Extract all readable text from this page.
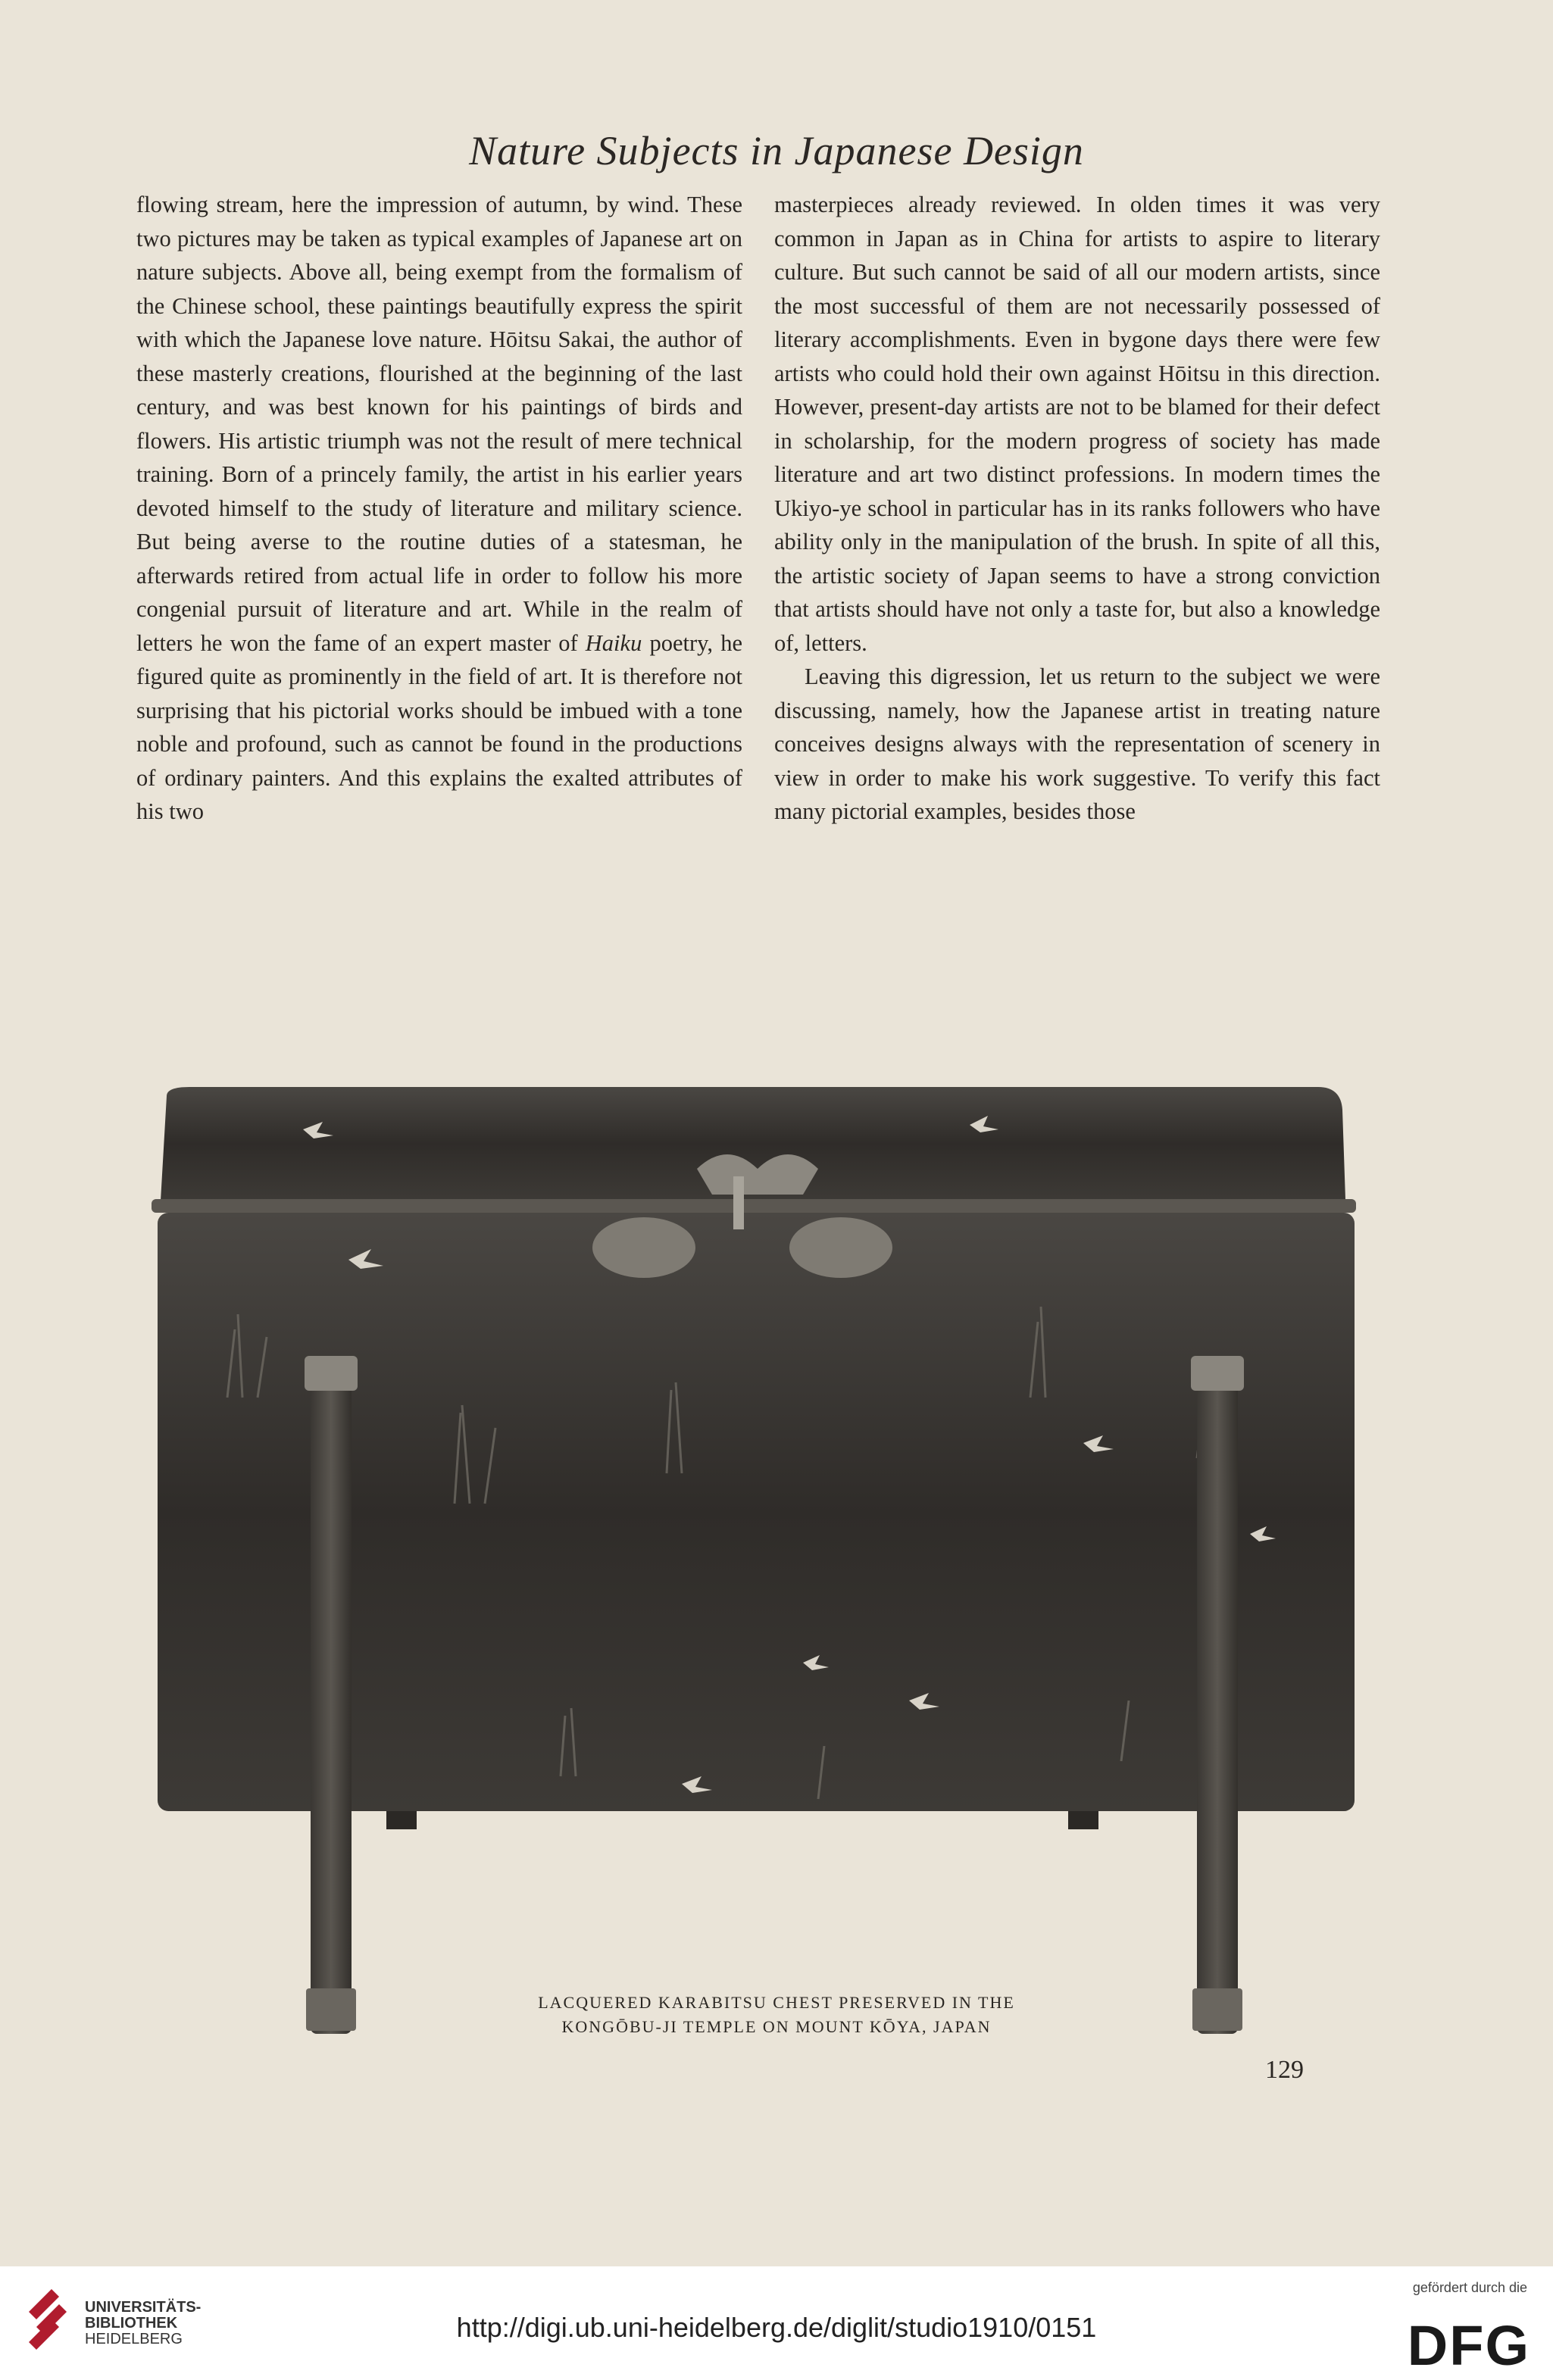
Nature Subjects in Japanese Design

flowing stream, here the impression of autumn, by wind. These two pictures may be taken as typical examples of Japanese art on nature subjects. Above all, being exempt from the formalism of the Chinese school, these paintings beautifully express the spirit with which the Japanese love nature. Hōitsu Sakai, the author of these masterly creations, flourished at the beginning of the last century, and was best known for his paintings of birds and flowers. His artistic triumph was not the result of mere technical training. Born of a princely family, the artist in his earlier years devoted himself to the study of literature and military science. But being averse to the routine duties of a statesman, he afterwards retired from actual life in order to follow his more congenial pursuit of literature and art. While in the realm of letters he won the fame of an expert master of Haiku poetry, he figured quite as prominently in the field of art. It is therefore not surprising that his pictorial works should be imbued with a tone noble and profound, such as cannot be found in the productions of ordinary painters. And this explains the exalted attributes of his two

masterpieces already reviewed. In olden times it was very common in Japan as in China for artists to aspire to literary culture. But such cannot be said of all our modern artists, since the most successful of them are not necessarily possessed of literary accomplishments. Even in bygone days there were few artists who could hold their own against Hōitsu in this direction. However, present-day artists are not to be blamed for their defect in scholarship, for the modern progress of society has made literature and art two distinct professions. In modern times the Ukiyo-ye school in particular has in its ranks followers who have ability only in the manipulation of the brush. In spite of all this, the artistic society of Japan seems to have a strong conviction that artists should have not only a taste for, but also a knowledge of, letters.

Leaving this digression, let us return to the subject we were discussing, namely, how the Japanese artist in treating nature conceives designs always with the representation of scenery in view in order to make his work suggestive. To verify this fact many pictorial examples, besides those

LACQUERED KARABITSU CHEST PRESERVED IN THE
KONGŌBU-JI TEMPLE ON MOUNT KŌYA, JAPAN
129
UNIVERSITÄTS-
BIBLIOTHEK
HEIDELBERG	http://digi.ub.uni-heidelberg.de/diglit/studio1910/0151
gefördert durch die
DFG
